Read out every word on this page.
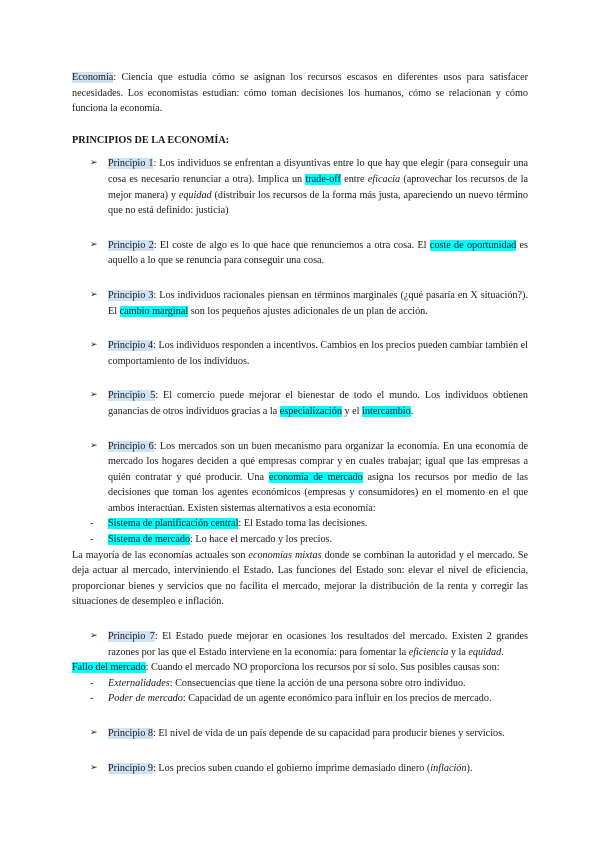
Economía: Ciencia que estudia cómo se asignan los recursos escasos en diferentes usos para satisfacer necesidades. Los economistas estudian: cómo toman decisiones los humanos, cómo se relacionan y cómo funciona la economía.

PRINCIPIOS DE LA ECONOMÍA:

➢ Principio 1: Los individuos se enfrentan a disyuntivas entre lo que hay que elegir (para conseguir una cosa es necesario renunciar a otra). Implica un trade-off entre eficacia (aprovechar los recursos de la mejor manera) y equidad (distribuir los recursos de la forma más justa, apareciendo un nuevo término que no está definido: justicia)

➢ Principio 2: El coste de algo es lo que hace que renunciemos a otra cosa. El coste de oportunidad es aquello a lo que se renuncia para conseguir una cosa.

➢ Principio 3: Los individuos racionales piensan en términos marginales (¿qué pasaría en X situación?). El cambio marginal son los pequeños ajustes adicionales de un plan de acción.

➢ Principio 4: Los individuos responden a incentivos. Cambios en los precios pueden cambiar también el comportamiento de los individuos.

➢ Principio 5: El comercio puede mejorar el bienestar de todo el mundo. Los individuos obtienen ganancias de otros individuos gracias a la especialización y el intercambio.

➢ Principio 6: Los mercados son un buen mecanismo para organizar la economía. En una economía de mercado los hogares deciden a qué empresas comprar y en cuales trabajar; igual que las empresas a quién contratar y qué producir. Una economía de mercado asigna los recursos por medio de las decisiones que toman los agentes económicos (empresas y consumidores) en el momento en el que ambos interactúan. Existen sistemas alternativos a esta economía:

- Sistema de planificación central: El Estado toma las decisiones.

- Sistema de mercado: Lo hace el mercado y los precios.

La mayoría de las economías actuales son economías mixtas donde se combinan la autoridad y el mercado. Se deja actuar al mercado, interviniendo el Estado. Las funciones del Estado son: elevar el nivel de eficiencia, proporcionar bienes y servicios que no facilita el mercado, mejorar la distribución de la renta y corregir las situaciones de desempleo e inflación.

➢ Principio 7: El Estado puede mejorar en ocasiones los resultados del mercado. Existen 2 grandes razones por las que el Estado interviene en la economía: para fomentar la eficiencia y la equidad.

Fallo del mercado: Cuando el mercado NO proporciona los recursos por sí solo. Sus posibles causas son:

- Externalidades: Consecuencias que tiene la acción de una persona sobre otro individuo.

- Poder de mercado: Capacidad de un agente económico para influir en los precios de mercado.

➢ Principio 8: El nivel de vida de un país depende de su capacidad para producir bienes y servicios.

➢ Principio 9: Los precios suben cuando el gobierno imprime demasiado dinero (inflación).
